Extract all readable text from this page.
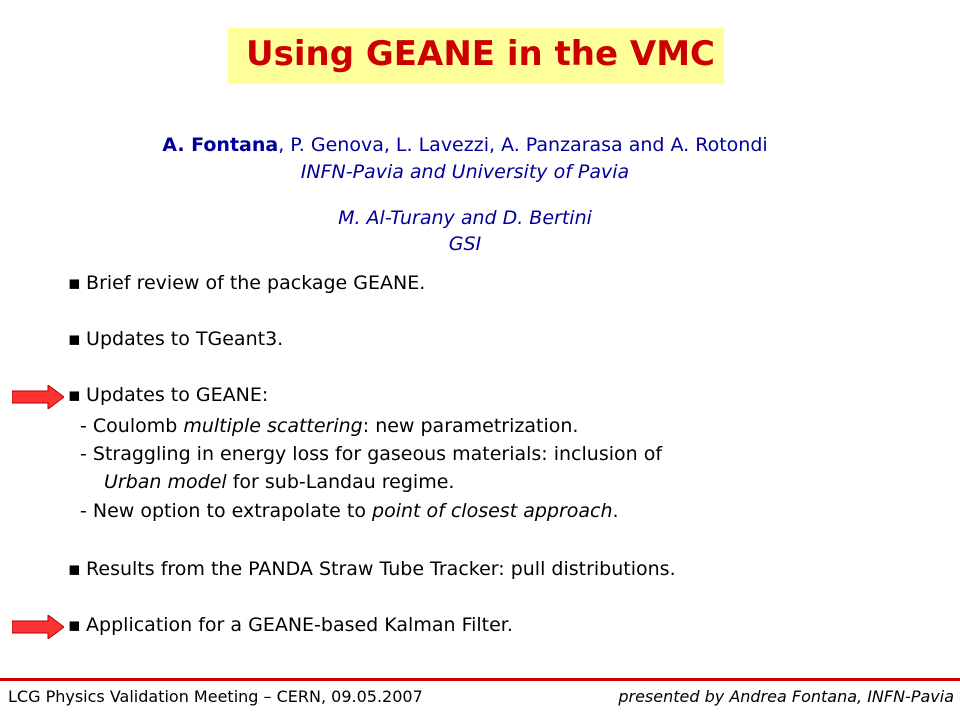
Using GEANE in the VMC
A. Fontana, P. Genova, L. Lavezzi, A. Panzarasa and A. Rotondi
INFN-Pavia and University of Pavia
M. Al-Turany and D. Bertini
GSI
▪ Brief review of the package GEANE.
▪ Updates to TGeant3.
▪ Updates to GEANE:
- Coulomb multiple scattering: new parametrization.
- Straggling in energy loss for gaseous materials: inclusion of
Urban model for sub-Landau regime.
- New option to extrapolate to point of closest approach.
▪ Results from the PANDA Straw Tube Tracker: pull distributions.
▪ Application for a GEANE-based Kalman Filter.
LCG Physics Validation Meeting – CERN, 09.05.2007	presented by Andrea Fontana, INFN-Pavia
